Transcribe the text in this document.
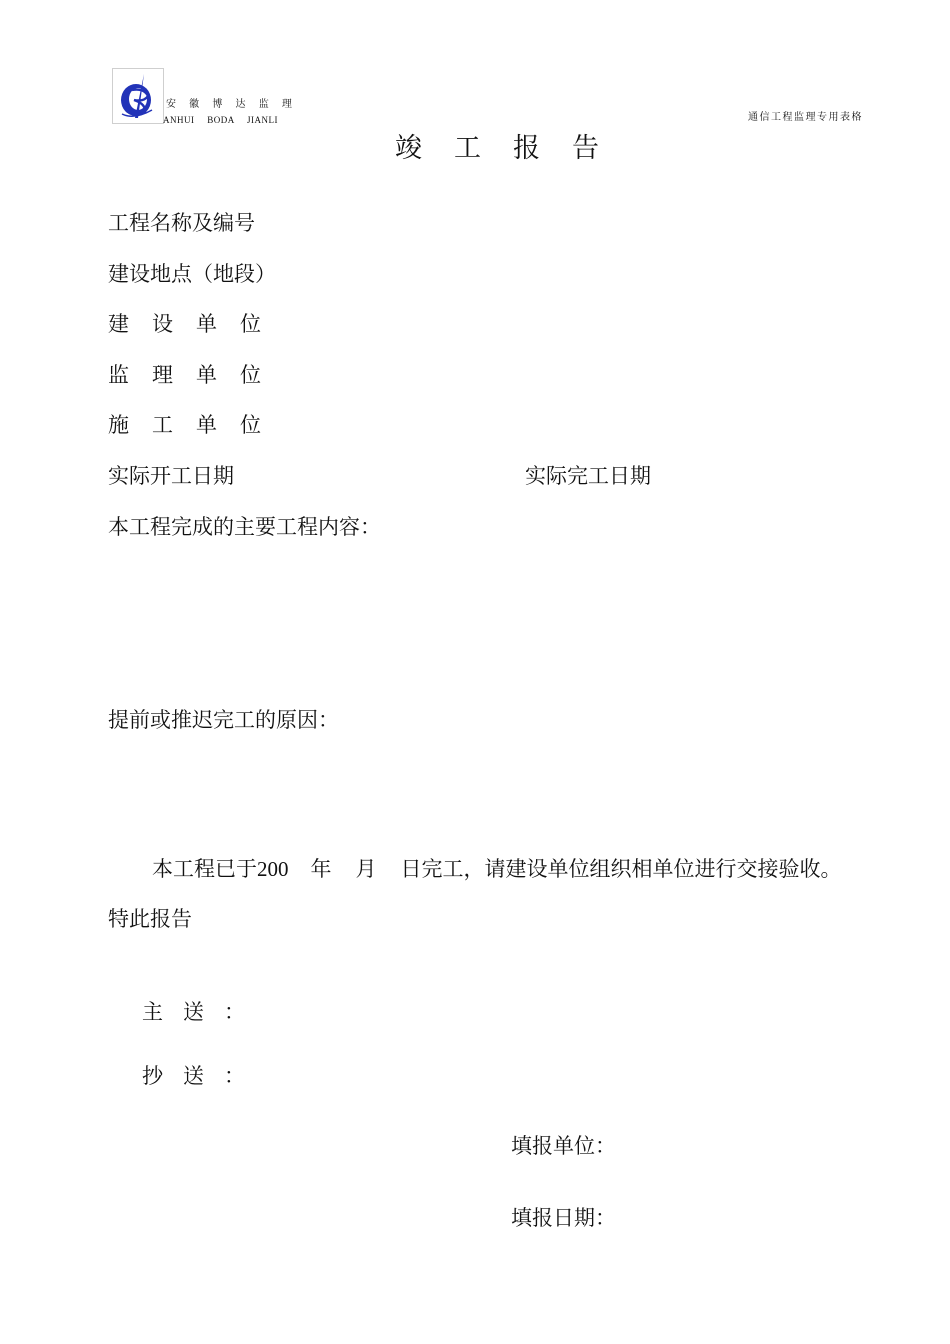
安 徽 博 达 监 理
ANHUI BODA JIANLI	通信工程监理专用表格
竣工报告
工程名称及编号
建设地点（地段）
建设单位
监理单位
施工单位
实际开工日期	实际完工日期
本工程完成的主要工程内容：
提前或推迟完工的原因：
本工程已于200 年 月 日完工，请建设单位组织相单位进行交接验收。
特此报告
主送：
抄送：
填报单位：
填报日期：
